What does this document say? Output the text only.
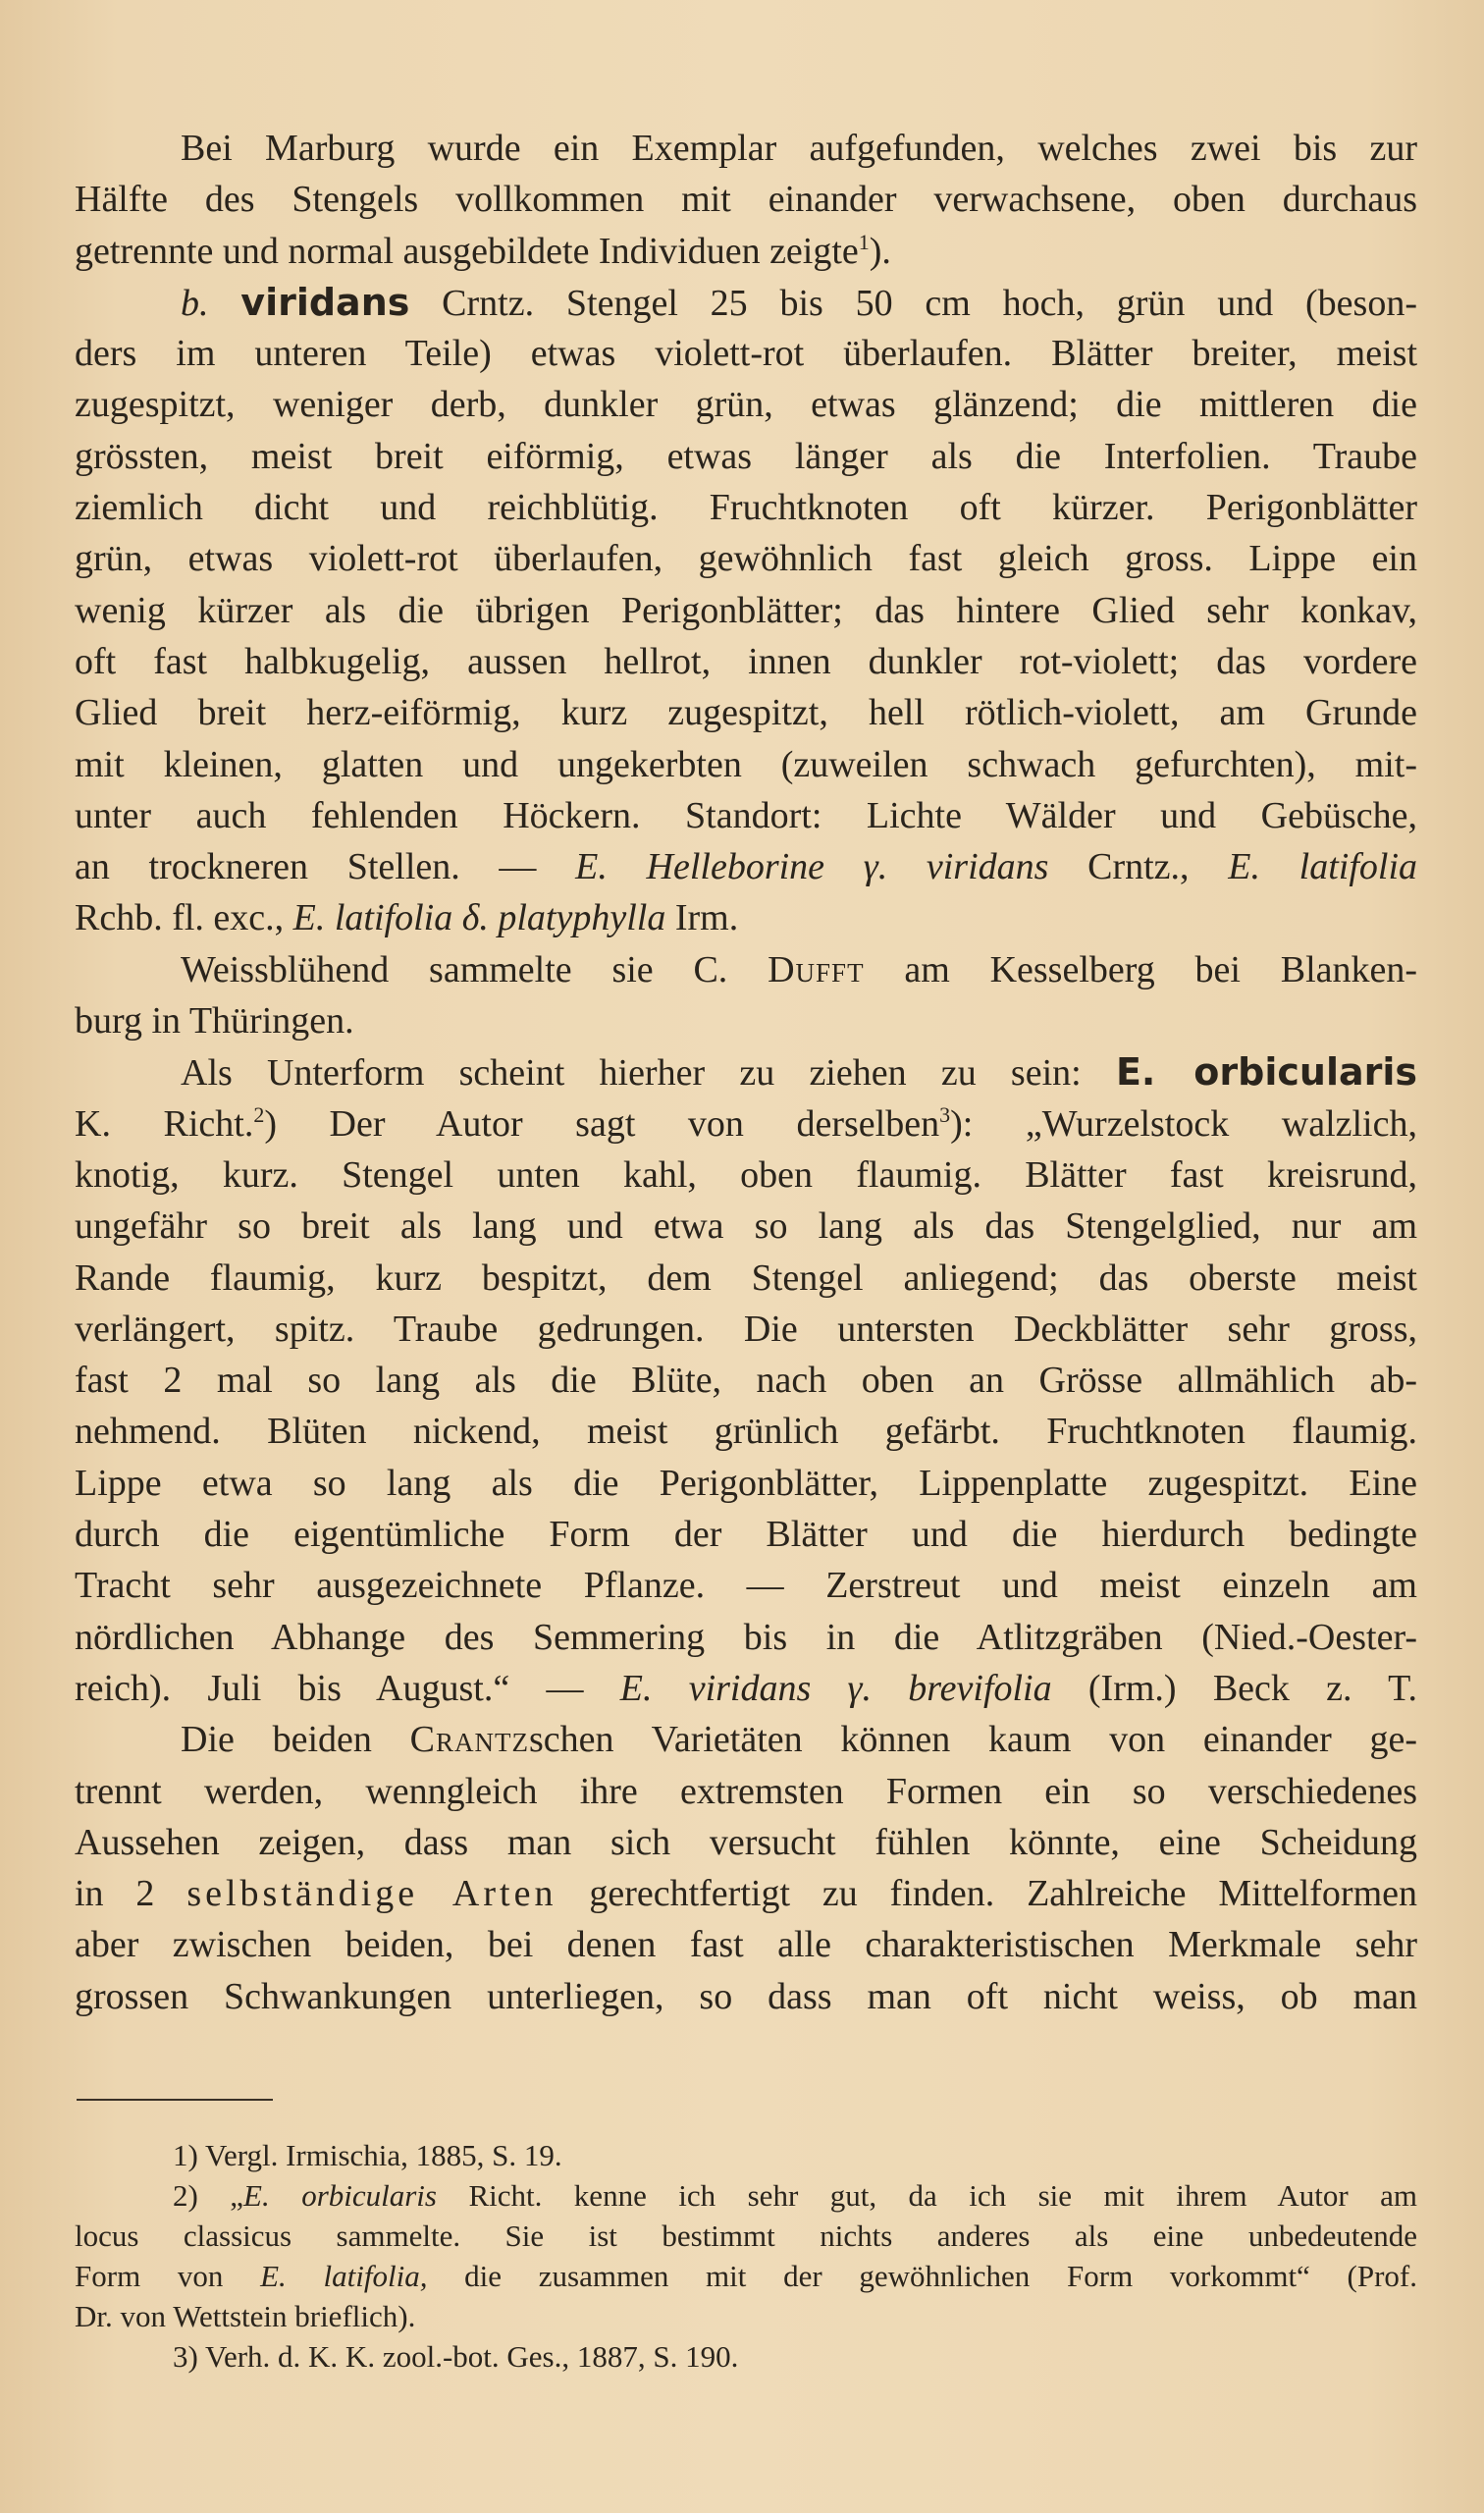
Bei Marburg wurde ein Exemplar aufgefunden, welches zwei bis zur
Hälfte des Stengels vollkommen mit einander verwachsene, oben durchaus
getrennte und normal ausgebildete Individuen zeigte$^1$).
b. viridans Crntz. Stengel 25 bis 50 cm hoch, grün und (beson-
ders im unteren Teile) etwas violett-rot überlaufen. Blätter breiter, meist
zugespitzt, weniger derb, dunkler grün, etwas glänzend; die mittleren die
grössten, meist breit eiförmig, etwas länger als die Interfolien. Traube
ziemlich dicht und reichblütig. Fruchtknoten oft kürzer. Perigonblätter
grün, etwas violett-rot überlaufen, gewöhnlich fast gleich gross. Lippe ein
wenig kürzer als die übrigen Perigonblätter; das hintere Glied sehr konkav,
oft fast halbkugelig, aussen hellrot, innen dunkler rot-violett; das vordere
Glied breit herz-eiförmig, kurz zugespitzt, hell rötlich-violett, am Grunde
mit kleinen, glatten und ungekerbten (zuweilen schwach gefurchten), mit-
unter auch fehlenden Höckern. Standort: Lichte Wälder und Gebüsche,
an trockneren Stellen. — E. Helleborine γ. viridans Crntz., E. latifolia
Rchb. fl. exc., E. latifolia δ. platyphylla Irm.
Weissblühend sammelte sie C. Dufft am Kesselberg bei Blanken-
burg in Thüringen.
Als Unterform scheint hierher zu ziehen zu sein: E. orbicularis
K. Richt.$^2$) Der Autor sagt von derselben$^3$): „Wurzelstock walzlich,
knotig, kurz. Stengel unten kahl, oben flaumig. Blätter fast kreisrund,
ungefähr so breit als lang und etwa so lang als das Stengelglied, nur am
Rande flaumig, kurz bespitzt, dem Stengel anliegend; das oberste meist
verlängert, spitz. Traube gedrungen. Die untersten Deckblätter sehr gross,
fast 2 mal so lang als die Blüte, nach oben an Grösse allmählich ab-
nehmend. Blüten nickend, meist grünlich gefärbt. Fruchtknoten flaumig.
Lippe etwa so lang als die Perigonblätter, Lippenplatte zugespitzt. Eine
durch die eigentümliche Form der Blätter und die hierdurch bedingte
Tracht sehr ausgezeichnete Pflanze. — Zerstreut und meist einzeln am
nördlichen Abhange des Semmering bis in die Atlitzgräben (Nied.-Oester-
reich). Juli bis August.“ — E. viridans γ. brevifolia (Irm.) Beck z. T.
Die beiden Crantzschen Varietäten können kaum von einander ge-
trennt werden, wenngleich ihre extremsten Formen ein so verschiedenes
Aussehen zeigen, dass man sich versucht fühlen könnte, eine Scheidung
in 2 selbständige Arten gerechtfertigt zu finden. Zahlreiche Mittelformen
aber zwischen beiden, bei denen fast alle charakteristischen Merkmale sehr
grossen Schwankungen unterliegen, so dass man oft nicht weiss, ob man
1) Vergl. Irmischia, 1885, S. 19.
2) „E. orbicularis Richt. kenne ich sehr gut, da ich sie mit ihrem Autor am
locus classicus sammelte. Sie ist bestimmt nichts anderes als eine unbedeutende
Form von E. latifolia, die zusammen mit der gewöhnlichen Form vorkommt“ (Prof.
Dr. von Wettstein brieflich).
3) Verh. d. K. K. zool.-bot. Ges., 1887, S. 190.
